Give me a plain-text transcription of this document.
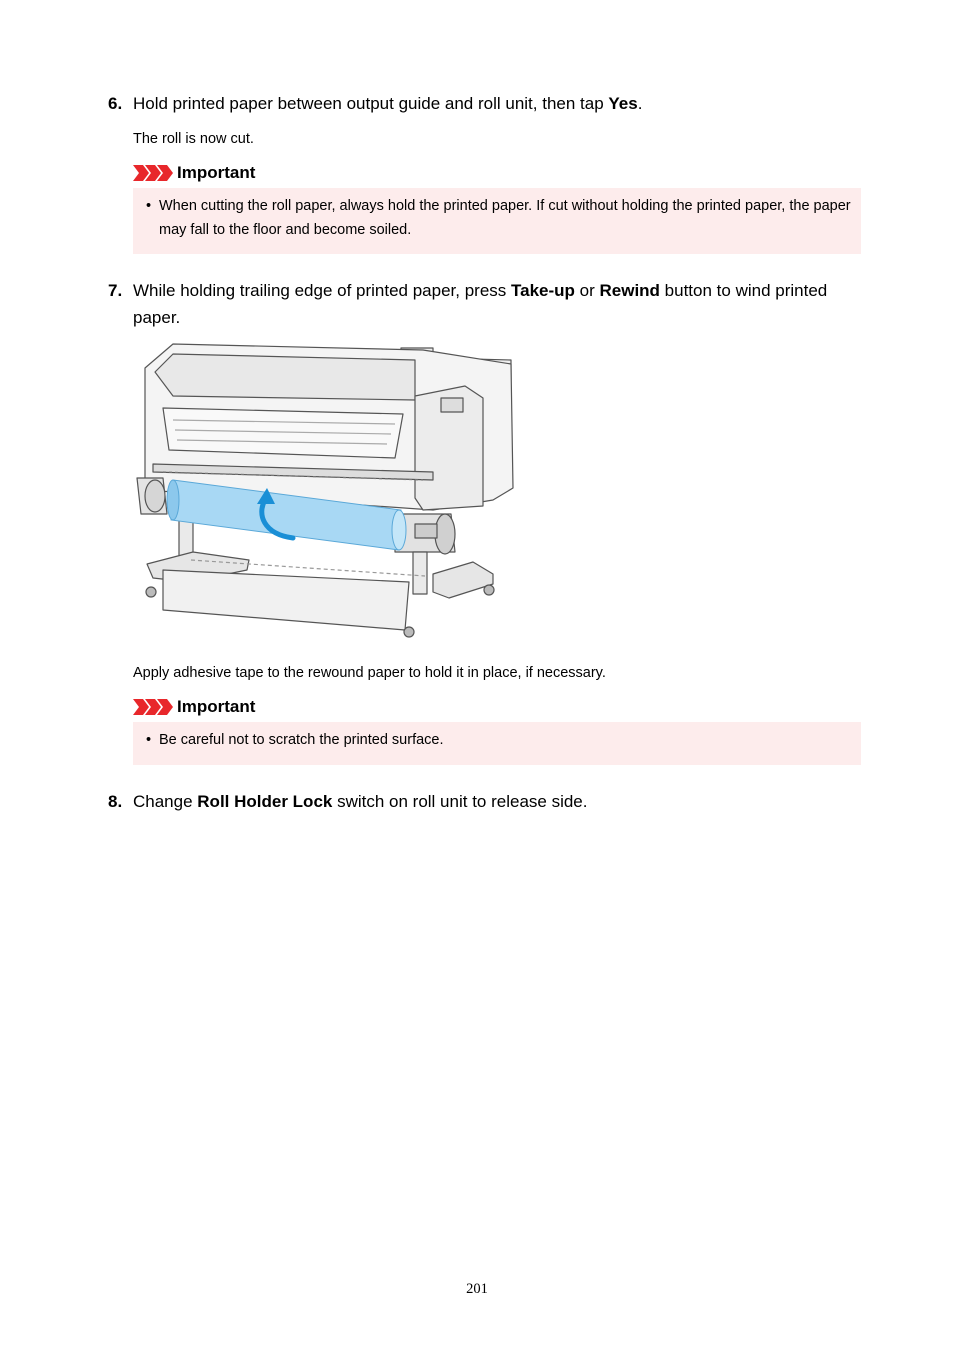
6. Hold printed paper between output guide and roll unit, then tap Yes.
The roll is now cut.
Important
• When cutting the roll paper, always hold the printed paper. If cut without holding the printed paper, the paper may fall to the floor and become soiled.
7. While holding trailing edge of printed paper, press Take-up or Rewind button to wind printed paper.
Apply adhesive tape to the rewound paper to hold it in place, if necessary.
Important
• Be careful not to scratch the printed surface.
8. Change Roll Holder Lock switch on roll unit to release side.
201
